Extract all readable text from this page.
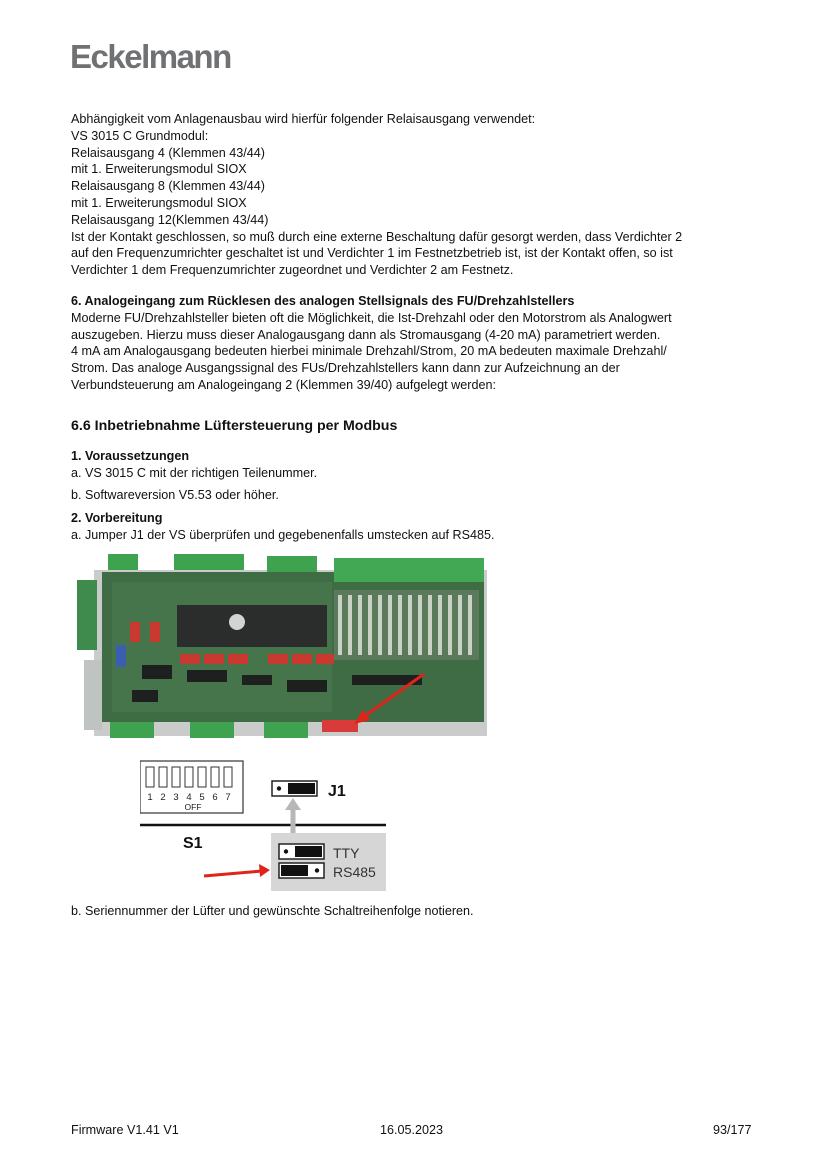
Eckelmann
Abhängigkeit vom Anlagenausbau wird hierfür folgender Relaisausgang verwendet:
VS 3015 C Grundmodul:
Relaisausgang 4 (Klemmen 43/44)
mit 1. Erweiterungsmodul SIOX
Relaisausgang 8 (Klemmen 43/44)
mit 1. Erweiterungsmodul SIOX
Relaisausgang 12(Klemmen 43/44)
Ist der Kontakt geschlossen, so muß durch eine externe Beschaltung dafür gesorgt werden, dass Verdichter 2
auf den Frequenzumrichter geschaltet ist und Verdichter 1 im Festnetzbetrieb ist, ist der Kontakt offen, so ist
Verdichter 1 dem Frequenzumrichter zugeordnet und Verdichter 2 am Festnetz.
6. Analogeingang zum Rücklesen des analogen Stellsignals des FU/Drehzahlstellers
Moderne FU/Drehzahlsteller bieten oft die Möglichkeit, die Ist-Drehzahl oder den Motorstrom als Analogwert
auszugeben. Hierzu muss dieser Analogausgang dann als Stromausgang (4-20 mA) parametriert werden.
4 mA am Analogausgang bedeuten hierbei minimale Drehzahl/Strom, 20 mA bedeuten maximale Drehzahl/
Strom. Das analoge Ausgangssignal des FUs/Drehzahlstellers kann dann zur Aufzeichnung an der
Verbundsteuerung am Analogeingang 2 (Klemmen 39/40) aufgelegt werden:
6.6 Inbetriebnahme Lüftersteuerung per Modbus
1. Voraussetzungen
a. VS 3015 C mit der richtigen Teilenummer.
b. Softwareversion V5.53 oder höher.
2. Vorbereitung
a. Jumper J1 der VS überprüfen und gegebenenfalls umstecken auf RS485.
1 2 3 4 5 6 7
OFF
J1
S1
TTY
RS485
b. Seriennummer der Lüfter und gewünschte Schaltreihenfolge notieren.
Firmware V1.41 V1	16.05.2023	93/177
